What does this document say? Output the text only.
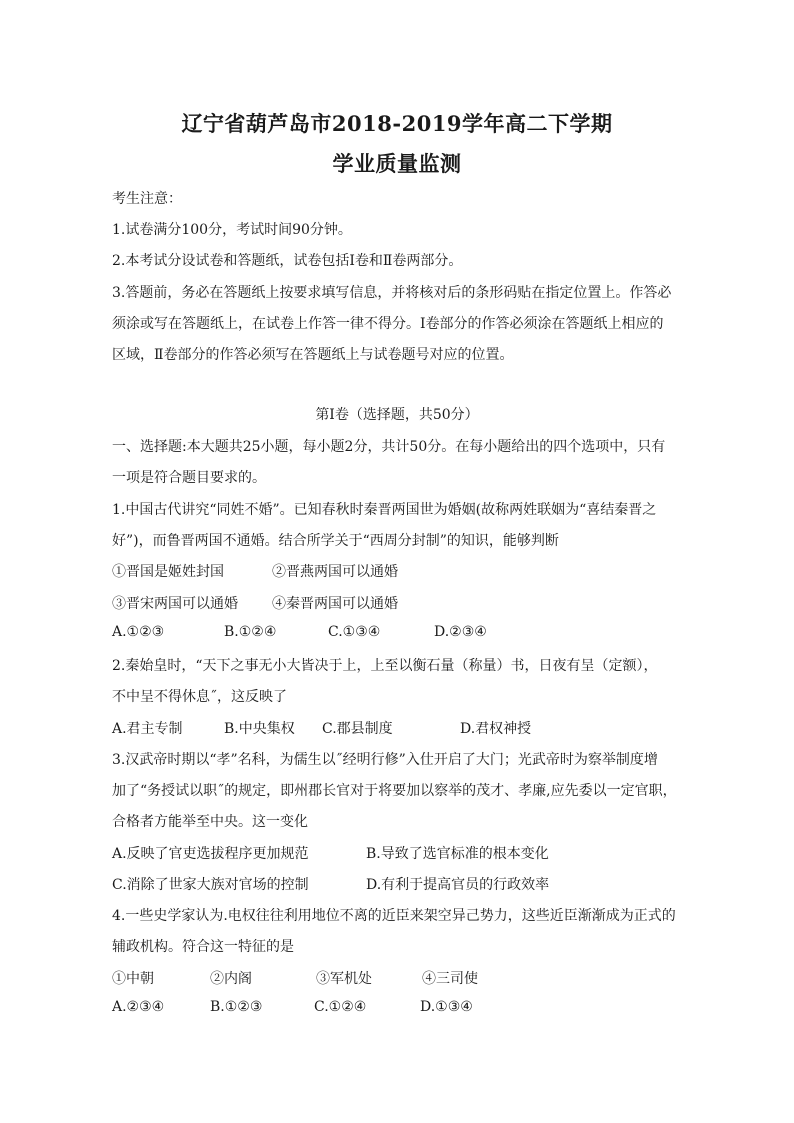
辽宁省葫芦岛市2018-2019学年高二下学期
学业质量监测
考生注意：
1.试卷满分100分，考试时间90分钟。
2.本考试分设试卷和答题纸，试卷包括Ⅰ卷和Ⅱ卷两部分。
3.答题前，务必在答题纸上按要求填写信息，并将核对后的条形码贴在指定位置上。作答必
须涂或写在答题纸上，在试卷上作答一律不得分。Ⅰ卷部分的作答必须涂在答题纸上相应的
区域，Ⅱ卷部分的作答必须写在答题纸上与试卷题号对应的位置。
第Ⅰ卷（选择题，共50分）
一、选择题:本大题共25小题，每小题2分，共计50分。在每小题给出的四个选项中，只有
一项是符合题目要求的。
1.中国古代讲究“同姓不婚”。已知春秋时秦晋两国世为婚姻(故称两姓联姻为“喜结秦晋之
好”)，而鲁晋两国不通婚。结合所学关于“西周分封制”的知识，能够判断
①晋国是姬姓封国	②晋燕两国可以通婚
③晋宋两国可以通婚 ④秦晋两国可以通婚
A.①②③	B.①②④	C.①③④	D.②③④
2.秦始皇时，“天下之事无小大皆决于上，上至以衡石量（称量）书，日夜有呈（定额），
不中呈不得休息˝，这反映了
A.君主专制	B.中央集权 C.郡县制度	D.君权神授
3.汉武帝时期以“孝”名科，为儒生以˝经明行修”入仕开启了大门；光武帝时为察举制度增
加了“务授试以职˝的规定，即州郡长官对于将要加以察举的茂才、孝廉,应先委以一定官职，
合格者方能举至中央。这一变化
A.反映了官吏选拔程序更加规范	B.导致了选官标准的根本变化
C.消除了世家大族对官场的控制	D.有利于提高官员的行政效率
4.一些史学家认为.电权往往利用地位不离的近臣来架空异己势力，这些近臣渐渐成为正式的
辅政机构。符合这一特征的是
①中朝	②内阁	③军机处	④三司使
A.②③④	B.①②③	C.①②④	D.①③④
